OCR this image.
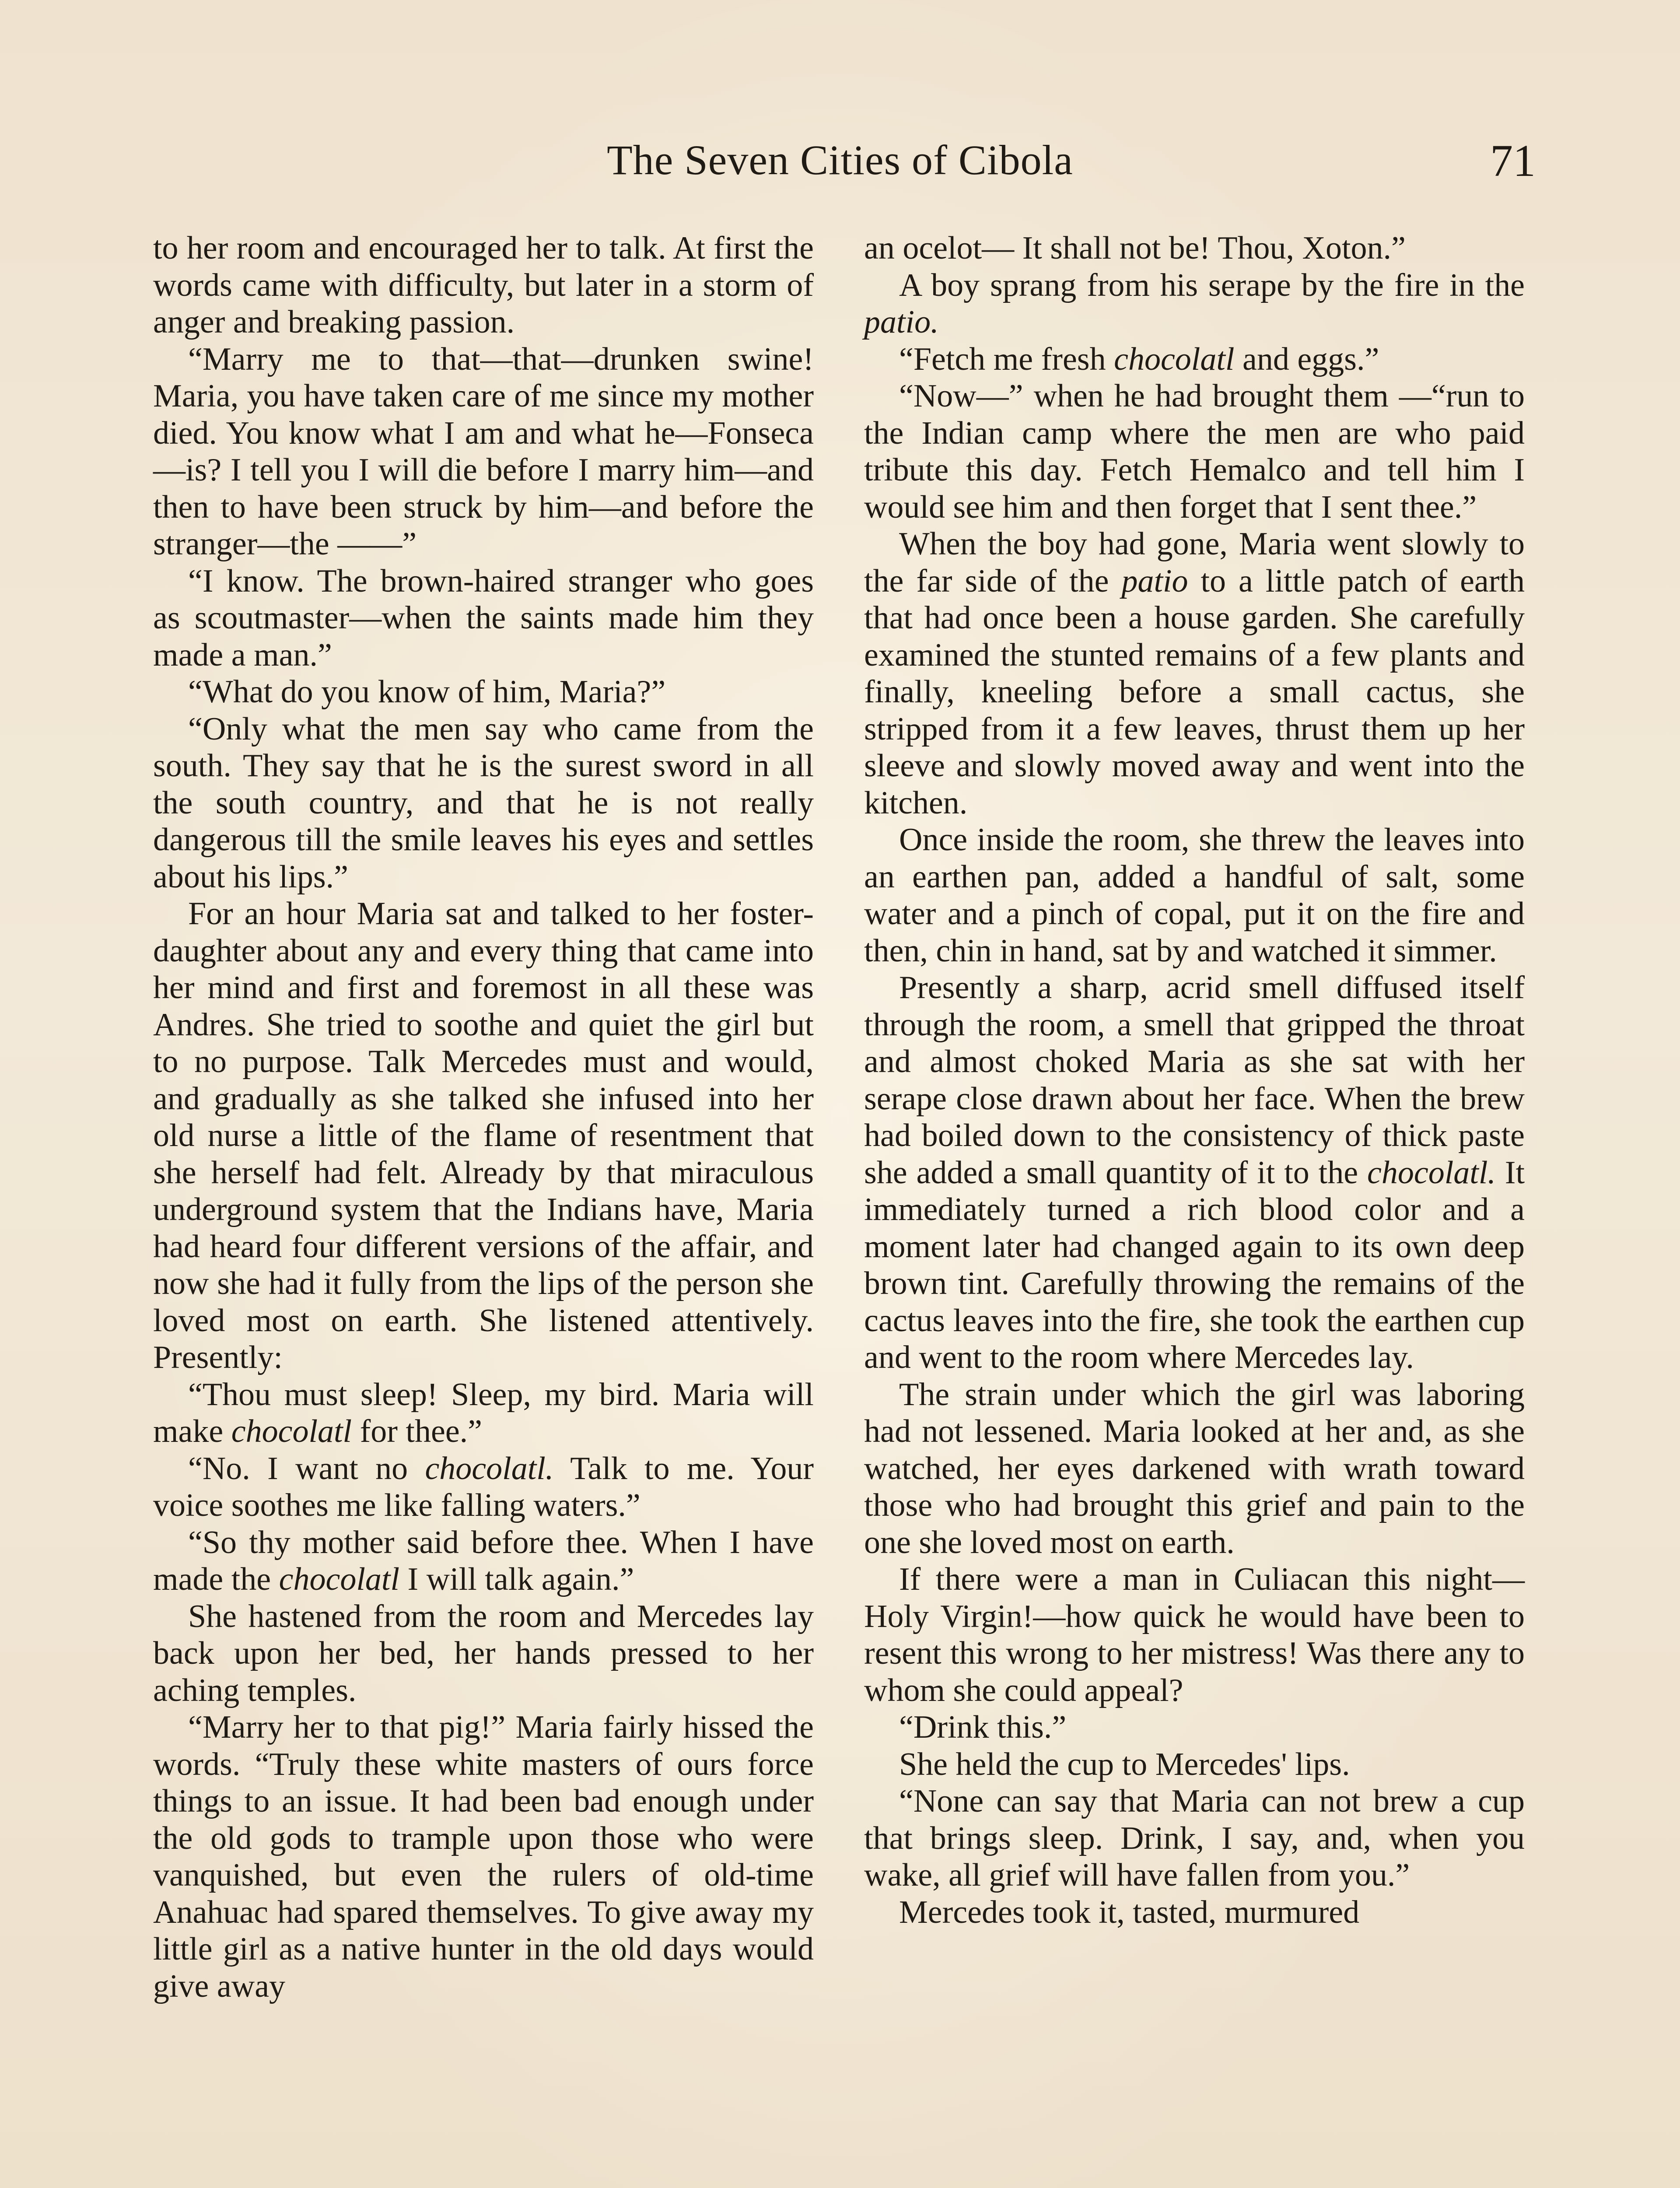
The Seven Cities of Cibola	71

to her room and encouraged her to talk. At first the words came with difficulty, but later in a storm of anger and breaking passion.

“Marry me to that—that—drunken swine! Maria, you have taken care of me since my mother died. You know what I am and what he—Fonseca—is? I tell you I will die before I marry him—and then to have been struck by him—and before the stranger—the ——”

“I know. The brown-haired stranger who goes as scoutmaster—when the saints made him they made a man.”

“What do you know of him, Maria?”

“Only what the men say who came from the south. They say that he is the surest sword in all the south country, and that he is not really dangerous till the smile leaves his eyes and settles about his lips.”

For an hour Maria sat and talked to her foster-daughter about any and every thing that came into her mind and first and foremost in all these was Andres. She tried to soothe and quiet the girl but to no purpose. Talk Mercedes must and would, and gradually as she talked she infused into her old nurse a little of the flame of resentment that she herself had felt. Already by that miraculous underground system that the Indians have, Maria had heard four different versions of the affair, and now she had it fully from the lips of the person she loved most on earth. She listened attentively. Presently:

“Thou must sleep! Sleep, my bird. Maria will make chocolatl for thee.”

“No. I want no chocolatl. Talk to me. Your voice soothes me like falling waters.”

“So thy mother said before thee. When I have made the chocolatl I will talk again.”

She hastened from the room and Mercedes lay back upon her bed, her hands pressed to her aching temples.

“Marry her to that pig!” Maria fairly hissed the words. “Truly these white masters of ours force things to an issue. It had been bad enough under the old gods to trample upon those who were vanquished, but even the rulers of old-time Anahuac had spared themselves. To give away my little girl as a native hunter in the old days would give away

an ocelot— It shall not be! Thou, Xoton.”

A boy sprang from his serape by the fire in the patio.

“Fetch me fresh chocolatl and eggs.”

“Now—” when he had brought them —“run to the Indian camp where the men are who paid tribute this day. Fetch Hemalco and tell him I would see him and then forget that I sent thee.”

When the boy had gone, Maria went slowly to the far side of the patio to a little patch of earth that had once been a house garden. She carefully examined the stunted remains of a few plants and finally, kneeling before a small cactus, she stripped from it a few leaves, thrust them up her sleeve and slowly moved away and went into the kitchen.

Once inside the room, she threw the leaves into an earthen pan, added a handful of salt, some water and a pinch of copal, put it on the fire and then, chin in hand, sat by and watched it simmer.

Presently a sharp, acrid smell diffused itself through the room, a smell that gripped the throat and almost choked Maria as she sat with her serape close drawn about her face. When the brew had boiled down to the consistency of thick paste she added a small quantity of it to the chocolatl. It immediately turned a rich blood color and a moment later had changed again to its own deep brown tint. Carefully throwing the remains of the cactus leaves into the fire, she took the earthen cup and went to the room where Mercedes lay.

The strain under which the girl was laboring had not lessened. Maria looked at her and, as she watched, her eyes darkened with wrath toward those who had brought this grief and pain to the one she loved most on earth.

If there were a man in Culiacan this night—Holy Virgin!—how quick he would have been to resent this wrong to her mistress! Was there any to whom she could appeal?

“Drink this.”

She held the cup to Mercedes' lips.

“None can say that Maria can not brew a cup that brings sleep. Drink, I say, and, when you wake, all grief will have fallen from you.”

Mercedes took it, tasted, murmured
